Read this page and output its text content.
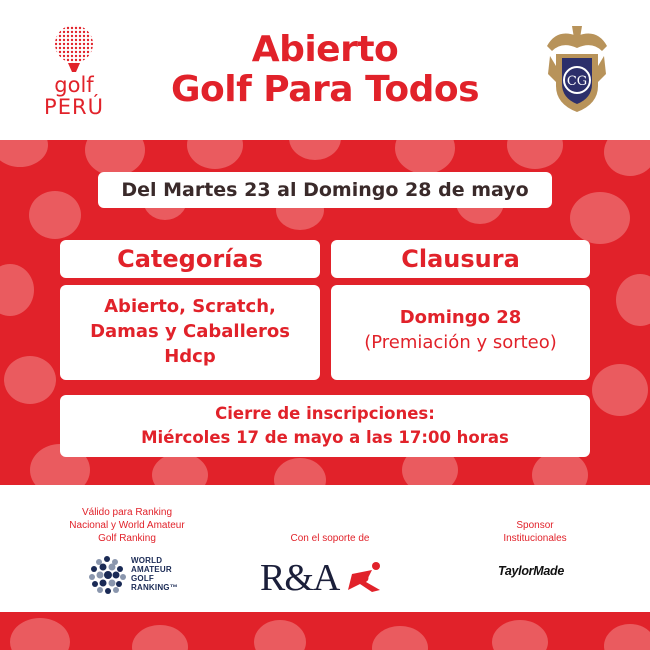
golf
PERÚ
Abierto
Golf Para Todos	CG
Del Martes 23 al Domingo 28 de mayo
Categorías	Clausura
Abierto, Scratch,
Damas y Caballeros
Hdcp
Domingo 28
(Premiación y sorteo)
Cierre de inscripciones:
Miércoles 17 de mayo a las 17:00 horas
Válido para Ranking
Nacional y World Amateur
Golf Ranking
WORLD
AMATEUR
GOLF
RANKING™
Con el soporte de
R&A IPD
Sponsor
Institucionales
TaylorMade
